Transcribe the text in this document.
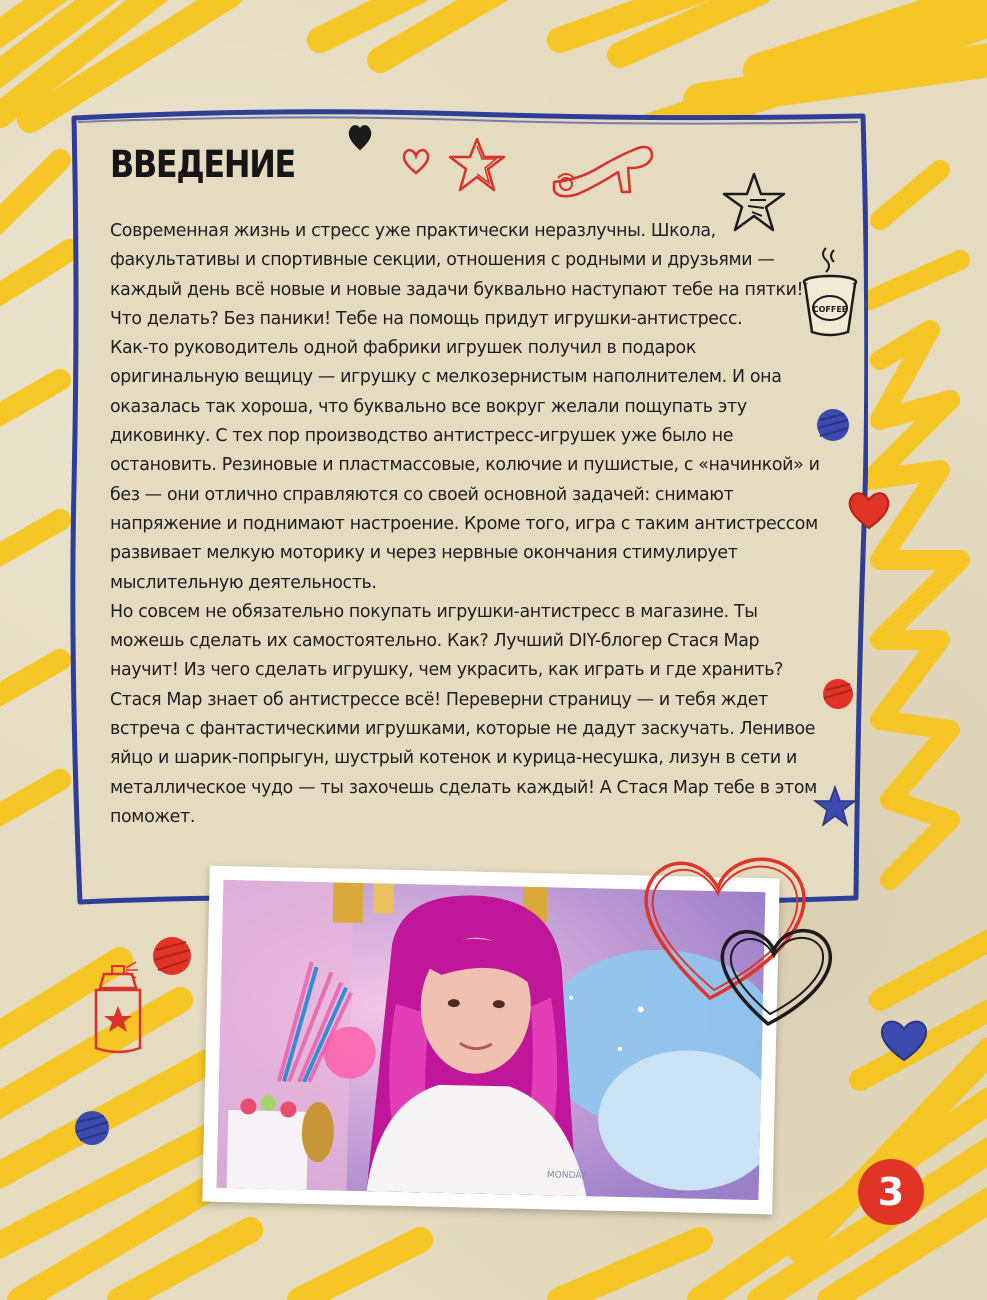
ВВЕДЕНИЕ

Современная жизнь и стресс уже практически неразлучны. Школа, факультативы и спортивные секции, отношения с родными и друзьями — каждый день всё новые и новые задачи буквально наступают тебе на пятки! Что делать? Без паники! Тебе на помощь придут игрушки-антистресс.

Как-то руководитель одной фабрики игрушек получил в подарок оригинальную вещицу — игрушку с мелкозернистым наполнителем. И она оказалась так хороша, что буквально все вокруг желали пощупать эту диковинку. С тех пор производство антистресс-игрушек уже было не остановить. Резиновые и пластмассовые, колючие и пушистые, с «начинкой» и без — они отлично справляются со своей основной задачей: снимают напряжение и поднимают настроение. Кроме того, игра с таким антистрессом развивает мелкую моторику и через нервные окончания стимулирует мыслительную деятельность.

Но совсем не обязательно покупать игрушки-антистресс в магазине. Ты можешь сделать их самостоятельно. Как? Лучший DIY-блогер Стася Мар научит! Из чего сделать игрушку, чем украсить, как играть и где хранить? Стася Мар знает об антистрессе всё! Переверни страницу — и тебя ждет встреча с фантастическими игрушками, которые не дадут заскучать. Ленивое яйцо и шарик-попрыгун, шустрый котенок и курица-несушка, лизун в сети и металлическое чудо — ты захочешь сделать каждый! А Стася Мар тебе в этом поможет.

COFFEE
MONDAY	3
